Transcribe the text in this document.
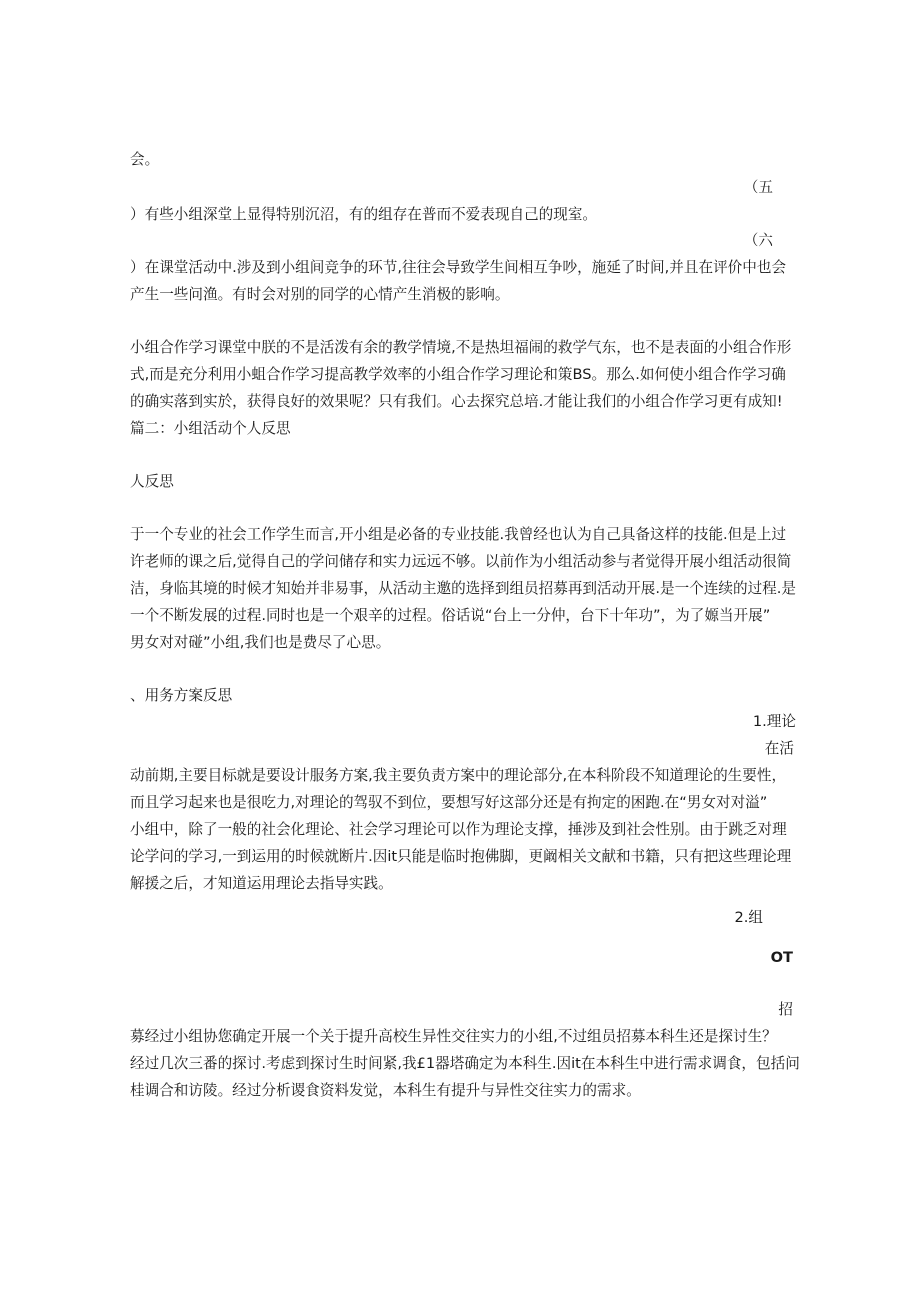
会。
（五
）有些小组深堂上显得特别沉沼，有的组存在普而不爱表现自己的现室。
（六
）在课堂活动中.涉及到小组间竞争的环节,往往会导致学生间相互争吵，施延了时间,并且在评价中也会
产生一些问渔。有时会对别的同学的心情产生消极的影响。
小组合作学习课堂中朕的不是活泼有余的教学情境,不是热坦福闹的救学气东，也不是表面的小组合作形
式,而是充分利用小蛆合作学习提高教学效率的小组合作学习理论和策BS。那么.如何使小组合作学习确
的确实落到实於，获得良好的效果呢？只有我们。心去探究总培.才能让我们的小组合作学习更有成知!
篇二：小组活动个人反思
人反思
于一个专业的社会工作学生而言,开小组是必备的专业技能.我曾经也认为自己具备这样的技能.但是上过
许老师的课之后,觉得自己的学问储存和实力远远不够。以前作为小组活动参与者觉得开展小组活动很简
洁，身临其境的时候才知始并非易事，从活动主邀的选择到组员招募再到活动开展.是一个连续的过程.是
一个不断发展的过程.同时也是一个艰辛的过程。俗话说“台上一分仲，台下十年功”，为了嫄当开展”
男女对对碰”小组,我们也是费尽了心思。
、用务方案反思
1.理论
在活
动前期,主要目标就是要设计服务方案,我主要负责方案中的理论部分,在本科阶段不知道理论的生要性，
而且学习起来也是很吃力,对理论的驾驭不到位，要想写好这部分还是有拘定的困跑.在“男女对对溢”
小组中，除了一般的社会化理论、社会学习理论可以作为理论支撑，捶涉及到社会性别。由于跳乏对理
论学问的学习,一到运用的时候就断片.因it只能是临时抱佛脚，更阚相关文献和书籍，只有把这些理论理
解援之后，才知道运用理论去指导实践。
2.组
OT
招
募经过小组协您确定开展一个关于提升高校生异性交往实力的小组,不过组员招募本科生还是探讨生？
经过几次三番的探讨.考虑到探讨生时间紧,我£1器塔确定为本科生.因it在本科生中进行需求调食，包括问
桂调合和访陵。经过分析谡食资料发觉，本科生有提升与异性交往实力的需求。
